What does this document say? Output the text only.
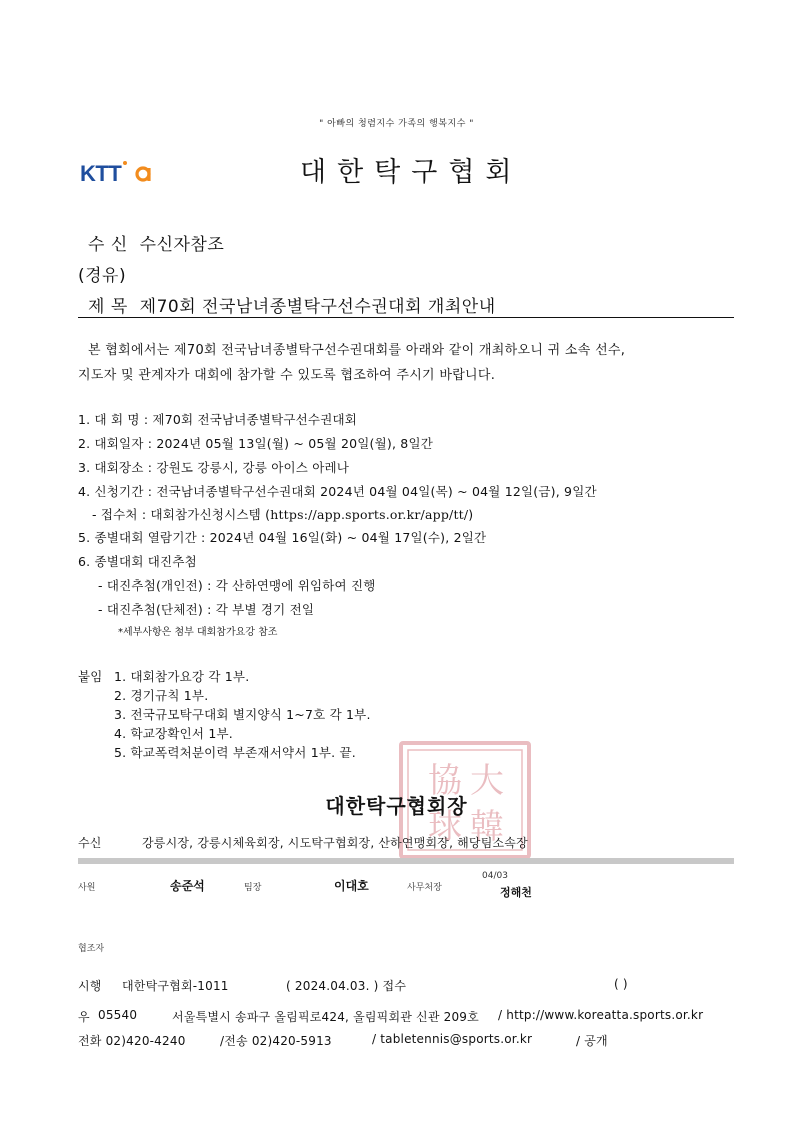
" 아빠의 청렴지수 가족의 행복지수 "
KTT	대한탁구협회
수 신 수신자참조
(경유)
제 목 제70회 전국남녀종별탁구선수권대회 개최안내
본 협회에서는 제70회 전국남녀종별탁구선수권대회를 아래와 같이 개최하오니 귀 소속 선수,
지도자 및 관계자가 대회에 참가할 수 있도록 협조하여 주시기 바랍니다.
1. 대 회 명 : 제70회 전국남녀종별탁구선수권대회
2. 대회일자 : 2024년 05월 13일(월) ~ 05월 20일(월), 8일간
3. 대회장소 : 강원도 강릉시, 강릉 아이스 아레나
4. 신청기간 : 전국남녀종별탁구선수권대회 2024년 04월 04일(목) ~ 04월 12일(금), 9일간
- 접수처 : 대회참가신청시스템 (https://app.sports.or.kr/app/tt/)
5. 종별대회 열람기간 : 2024년 04월 16일(화) ~ 04월 17일(수), 2일간
6. 종별대회 대진추첨
- 대진추첨(개인전) : 각 산하연맹에 위임하여 진행
- 대진추첨(단체전) : 각 부별 경기 전일
*세부사항은 첨부 대회참가요강 참조
붙임 1. 대회참가요강 각 1부.
2. 경기규칙 1부.
3. 전국규모탁구대회 별지양식 1~7호 각 1부.
4. 학교장확인서 1부.
5. 학교폭력처분이력 부존재서약서 1부. 끝.
協 大
球 韓
대한탁구협회장
수신	강릉시장, 강릉시체육회장, 시도탁구협회장, 산하연맹회장, 해당팀소속장
사원	송준석	팀장	이대호	사무처장
04/03
정해천
협조자
시행 대한탁구협회-1011	( 2024.04.03. ) 접수	( )
우 05540	서울특별시 송파구 올림픽로424, 올림픽회관 신관 209호 / http://www.koreatta.sports.or.kr
전화 02)420-4240	/전송 02)420-5913	/ tabletennis@sports.or.kr	/ 공개
